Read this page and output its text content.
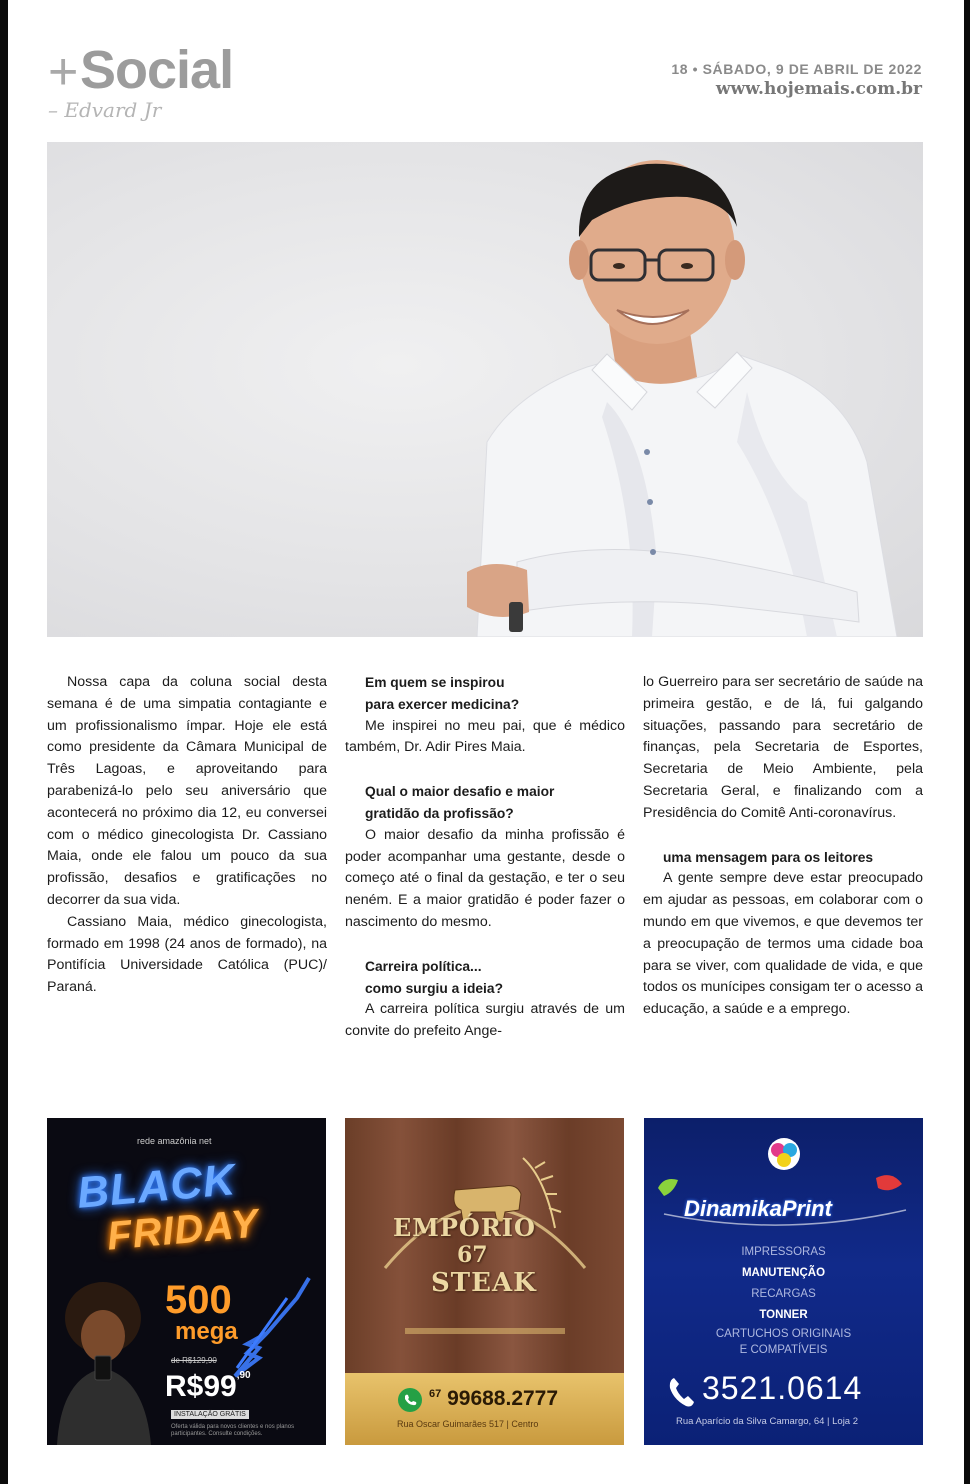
+ Social
– Edvard Jr
18 • SÁBADO, 9 DE ABRIL DE 2022
www.hojemais.com.br

Nossa capa da coluna social desta semana é de uma simpatia contagiante e um profissionalismo ímpar. Hoje ele está como presidente da Câmara Municipal de Três Lagoas, e aproveitando para parabenizá-lo pelo seu aniversário que acontecerá no próximo dia 12, eu conversei com o médico ginecologista Dr. Cassiano Maia, onde ele falou um pouco da sua profissão, desafios e gratificações no decorrer da sua vida.

Cassiano Maia, médico ginecologista, formado em 1998 (24 anos de formado), na Pontifícia Universidade Católica (PUC)/ Paraná.

Em quem se inspirou
para exercer medicina?

Me inspirei no meu pai, que é médico também, Dr. Adir Pires Maia.

Qual o maior desafio e maior
gratidão da profissão?

O maior desafio da minha profissão é poder acompanhar uma gestante, desde o começo até o final da gestação, e ter o seu neném. E a maior gratidão é poder fazer o nascimento do mesmo.

Carreira política...
como surgiu a ideia?

A carreira política surgiu através de um convite do prefeito Ange-

lo Guerreiro para ser secretário de saúde na primeira gestão, e de lá, fui galgando situações, passando para secretário de finanças, pela Secretaria de Esportes, Secretaria de Meio Ambiente, pela Secretaria Geral, e finalizando com a Presidência do Comitê Anti-coronavírus.

uma mensagem para os leitores

A gente sempre deve estar preocupado em ajudar as pessoas, em colaborar com o mundo em que vivemos, e que devemos ter a preocupação de termos uma cidade boa para se viver, com qualidade de vida, e que todos os munícipes consigam ter o acesso a educação, a saúde e a emprego.

rede amazônia net
BLACK
FRIDAY
500
mega
de R$129,90
$R\$99^{,90}$
INSTALAÇÃO GRÁTIS
Oferta válida para novos clientes e nos planos participantes. Consulte condições.
EMPÓRIO
67
STEAK
$^{67}$ 99688.2777
Rua Oscar Guimarães 517 | Centro
DinamikaPrint
IMPRESSORAS
MANUTENÇÃO
RECARGAS
TONNER
CARTUCHOS ORIGINAIS
E COMPATÍVEIS
3521.0614
Rua Aparício da Silva Camargo, 64 | Loja 2
